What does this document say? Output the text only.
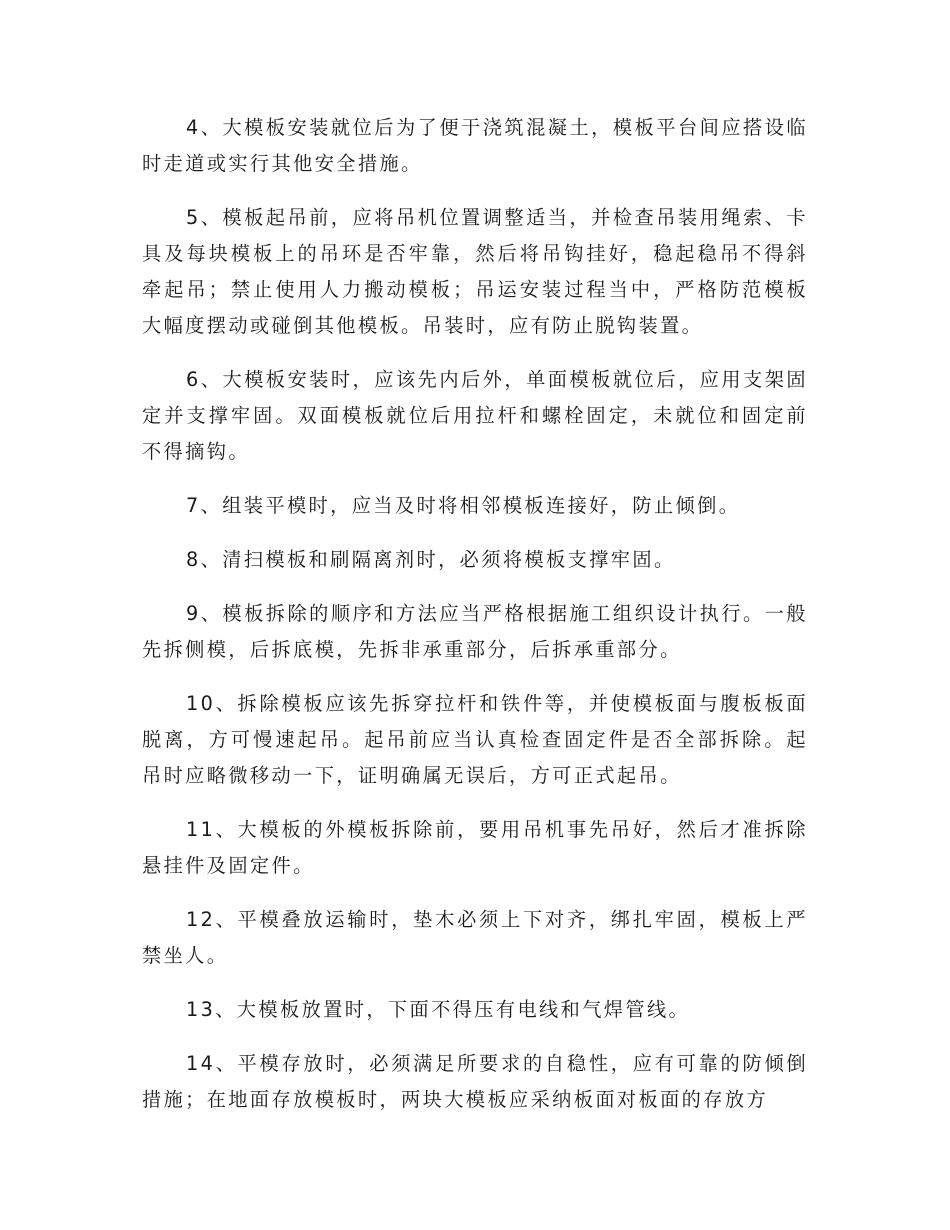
4、大模板安装就位后为了便于浇筑混凝土，模板平台间应搭设临时走道或实行其他安全措施。

5、模板起吊前，应将吊机位置调整适当，并检查吊装用绳索、卡具及每块模板上的吊环是否牢靠，然后将吊钩挂好，稳起稳吊不得斜牵起吊；禁止使用人力搬动模板；吊运安装过程当中，严格防范模板大幅度摆动或碰倒其他模板。吊装时，应有防止脱钩装置。

6、大模板安装时，应该先内后外，单面模板就位后，应用支架固定并支撑牢固。双面模板就位后用拉杆和螺栓固定，未就位和固定前不得摘钩。

7、组装平模时，应当及时将相邻模板连接好，防止倾倒。

8、清扫模板和刷隔离剂时，必须将模板支撑牢固。

9、模板拆除的顺序和方法应当严格根据施工组织设计执行。一般先拆侧模，后拆底模，先拆非承重部分，后拆承重部分。

10、拆除模板应该先拆穿拉杆和铁件等，并使模板面与腹板板面脱离，方可慢速起吊。起吊前应当认真检查固定件是否全部拆除。起吊时应略微移动一下，证明确属无误后，方可正式起吊。

11、大模板的外模板拆除前，要用吊机事先吊好，然后才准拆除悬挂件及固定件。

12、平模叠放运输时，垫木必须上下对齐，绑扎牢固，模板上严禁坐人。

13、大模板放置时，下面不得压有电线和气焊管线。

14、平模存放时，必须满足所要求的自稳性，应有可靠的防倾倒措施；在地面存放模板时，两块大模板应采纳板面对板面的存放方
